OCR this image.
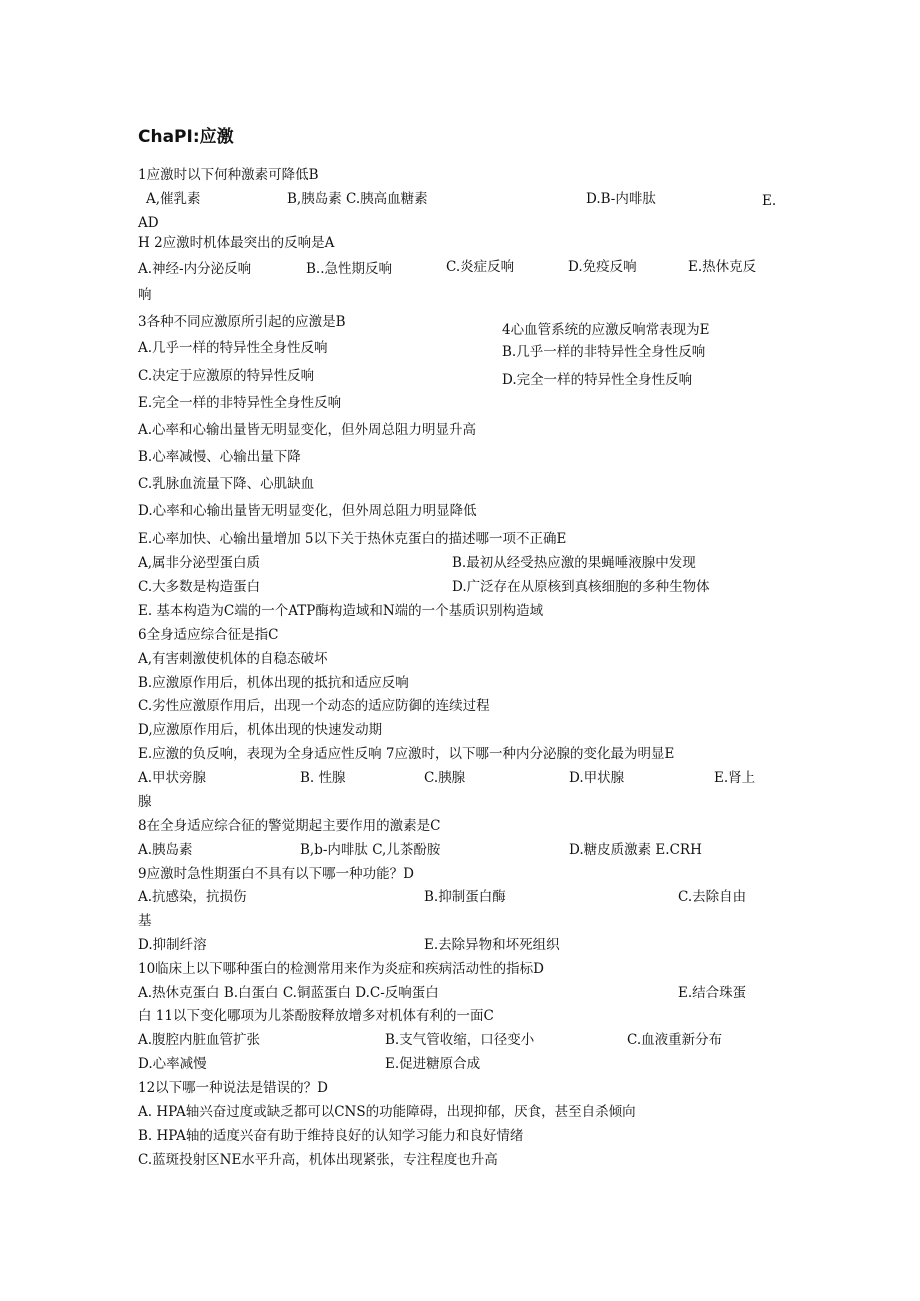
ChaPI:应激
1应激时以下何种激素可降低B
A,催乳素	B,胰岛素 C.胰高血糖素	D.B-内啡肽	E.
AD
H 2应激时机体最突出的反响是A
A.神经-内分泌反响	B..急性期反响	C.炎症反响	D.免疫反响	E.热休克反
响
3各种不同应激原所引起的应激是B	4心血管系统的应激反响常表现为E
A.几乎一样的特异性全身性反响	B.几乎一样的非特异性全身性反响
C.决定于应激原的特异性反响	D.完全一样的特异性全身性反响
E.完全一样的非特异性全身性反响
A.心率和心输出量皆无明显变化，但外周总阻力明显升高
B.心率减慢、心输出量下降
C.乳脉血流量下降、心肌缺血
D.心率和心输出量皆无明显变化，但外周总阻力明显降低
E.心率加快、心输出量增加 5以下关于热休克蛋白的描述哪一项不正确E
A,属非分泌型蛋白质	B.最初从经受热应激的果蝇唾液腺中发现
C.大多数是构造蛋白	D.广泛存在从原核到真核细胞的多种生物体
E. 基本构造为C端的一个ATP酶构造域和N端的一个基质识别构造域
6全身适应综合征是指C
A,有害刺激使机体的自稳态破坏
B.应激原作用后，机体出现的抵抗和适应反响
C.劣性应激原作用后，出现一个动态的适应防御的连续过程
D,应激原作用后，机体出现的快速发动期
E.应激的负反响，表现为全身适应性反响 7应激时，以下哪一种内分泌腺的变化最为明显E
A.甲状旁腺	B. 性腺	C.胰腺	D.甲状腺	E.肾上
腺
8在全身适应综合征的警觉期起主要作用的激素是C
A.胰岛素	B,b-内啡肽 C,儿茶酚胺	D.糖皮质激素 E.CRH
9应激时急性期蛋白不具有以下哪一种功能？D
A.抗感染，抗损伤	B.抑制蛋白酶	C.去除自由
基
D.抑制纤溶	E.去除异物和坏死组织
10临床上以下哪种蛋白的检测常用来作为炎症和疾病活动性的指标D
A.热休克蛋白 B.白蛋白 C.铜蓝蛋白 D.C-反响蛋白	E.结合珠蛋
白 11以下变化哪项为儿茶酚胺释放增多对机体有利的一面C
A.腹腔内脏血管扩张	B.支气管收缩，口径变小	C.血液重新分布
D.心率减慢	E.促进糖原合成
12以下哪一种说法是错误的？D
A. HPA轴兴奋过度或缺乏都可以CNS的功能障碍，出现抑郁，厌食，甚至自杀倾向
B. HPA轴的适度兴奋有助于维持良好的认知学习能力和良好情绪
C.蓝斑投射区NE水平升高，机体出现紧张，专注程度也升高
